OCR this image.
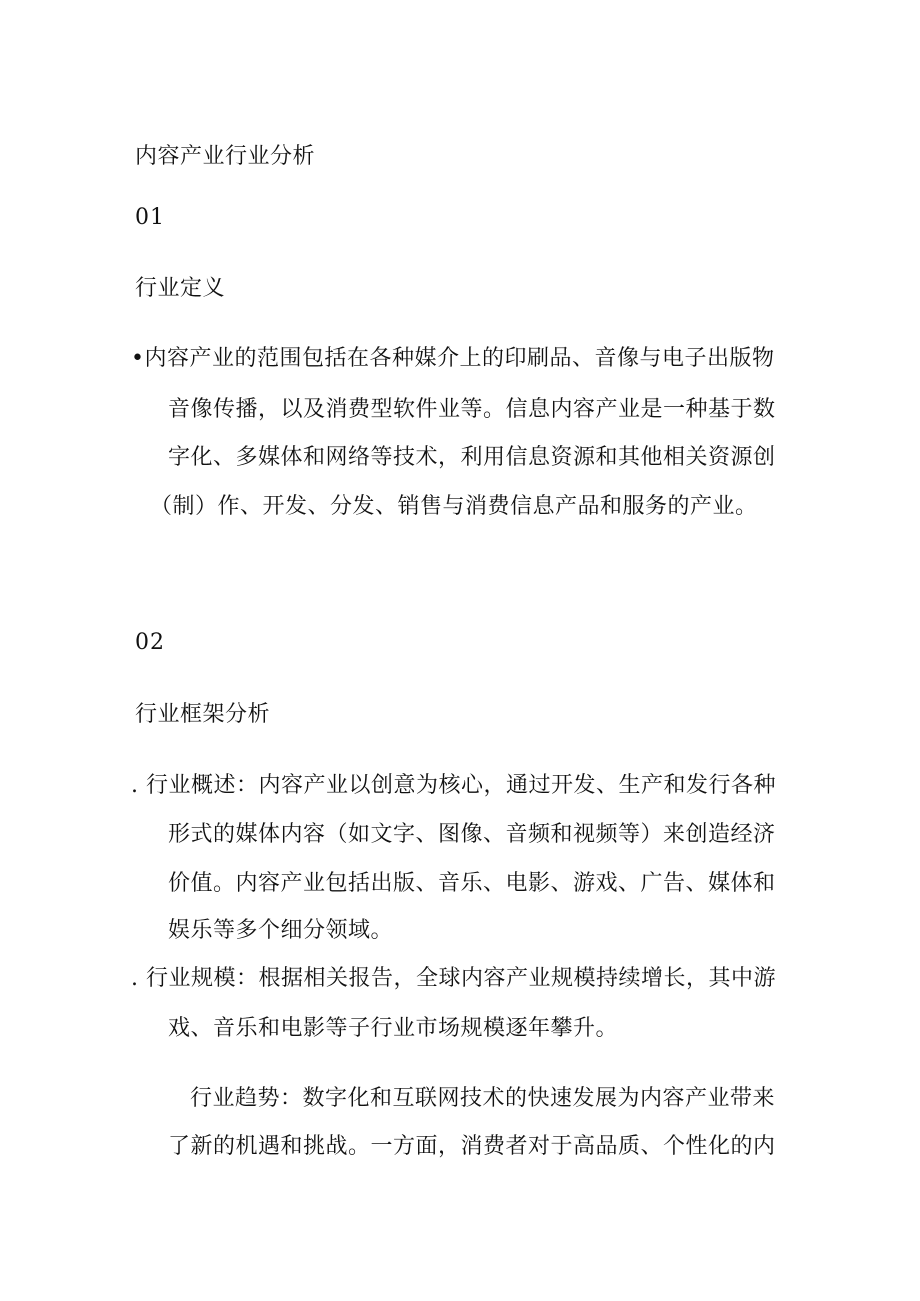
内容产业行业分析
01
行业定义
•内容产业的范围包括在各种媒介上的印刷品、音像与电子出版物
音像传播，以及消费型软件业等。信息内容产业是一种基于数
字化、多媒体和网络等技术，利用信息资源和其他相关资源创
（制）作、开发、分发、销售与消费信息产品和服务的产业。
02
行业框架分析
. 行业概述：内容产业以创意为核心，通过开发、生产和发行各种
形式的媒体内容（如文字、图像、音频和视频等）来创造经济
价值。内容产业包括出版、音乐、电影、游戏、广告、媒体和
娱乐等多个细分领域。
. 行业规模：根据相关报告，全球内容产业规模持续增长，其中游
戏、音乐和电影等子行业市场规模逐年攀升。
行业趋势：数字化和互联网技术的快速发展为内容产业带来
了新的机遇和挑战。一方面，消费者对于高品质、个性化的内
